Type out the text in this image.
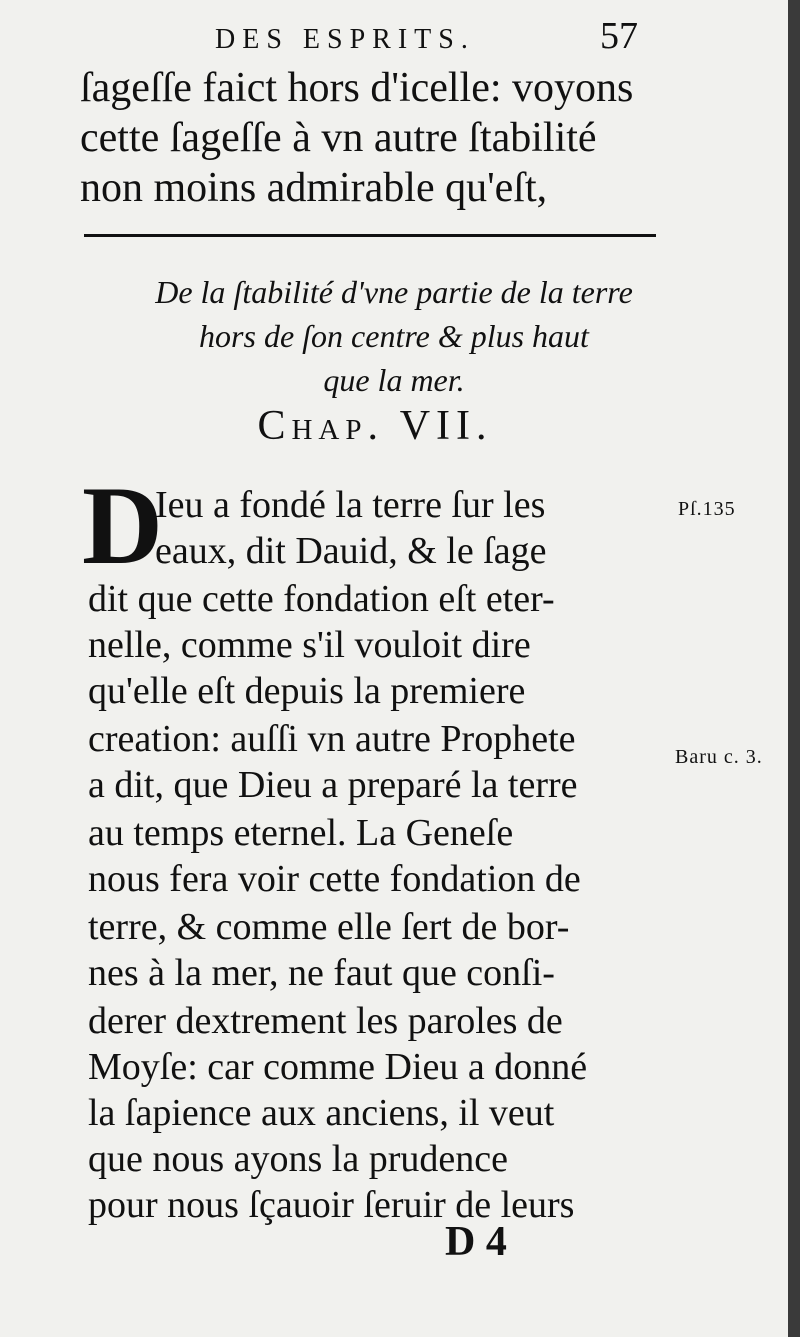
DES ESPRITS.	57
ſageſſe faict hors d'icelle: voyons
cette ſageſſe à vn autre ſtabilité
non moins admirable qu'eſt,
De la ſtabilité d'vne partie de la terre
hors de ſon centre & plus haut
que la mer.
Chap. VII.
D
Ieu a fondé la terre ſur les
eaux, dit Dauid, & le ſage
dit que cette fondation eſt eter-
nelle, comme s'il vouloit dire
qu'elle eſt depuis la premiere
creation: auſſi vn autre Prophete
a dit, que Dieu a preparé la terre
au temps eternel. La Geneſe
nous fera voir cette fondation de
terre, & comme elle ſert de bor-
nes à la mer, ne faut que conſi-
derer dextrement les paroles de
Moyſe: car comme Dieu a donné
la ſapience aux anciens, il veut
que nous ayons la prudence
pour nous ſçauoir ſeruir de leurs
Pſ.135
Baru c. 3.
D 4
